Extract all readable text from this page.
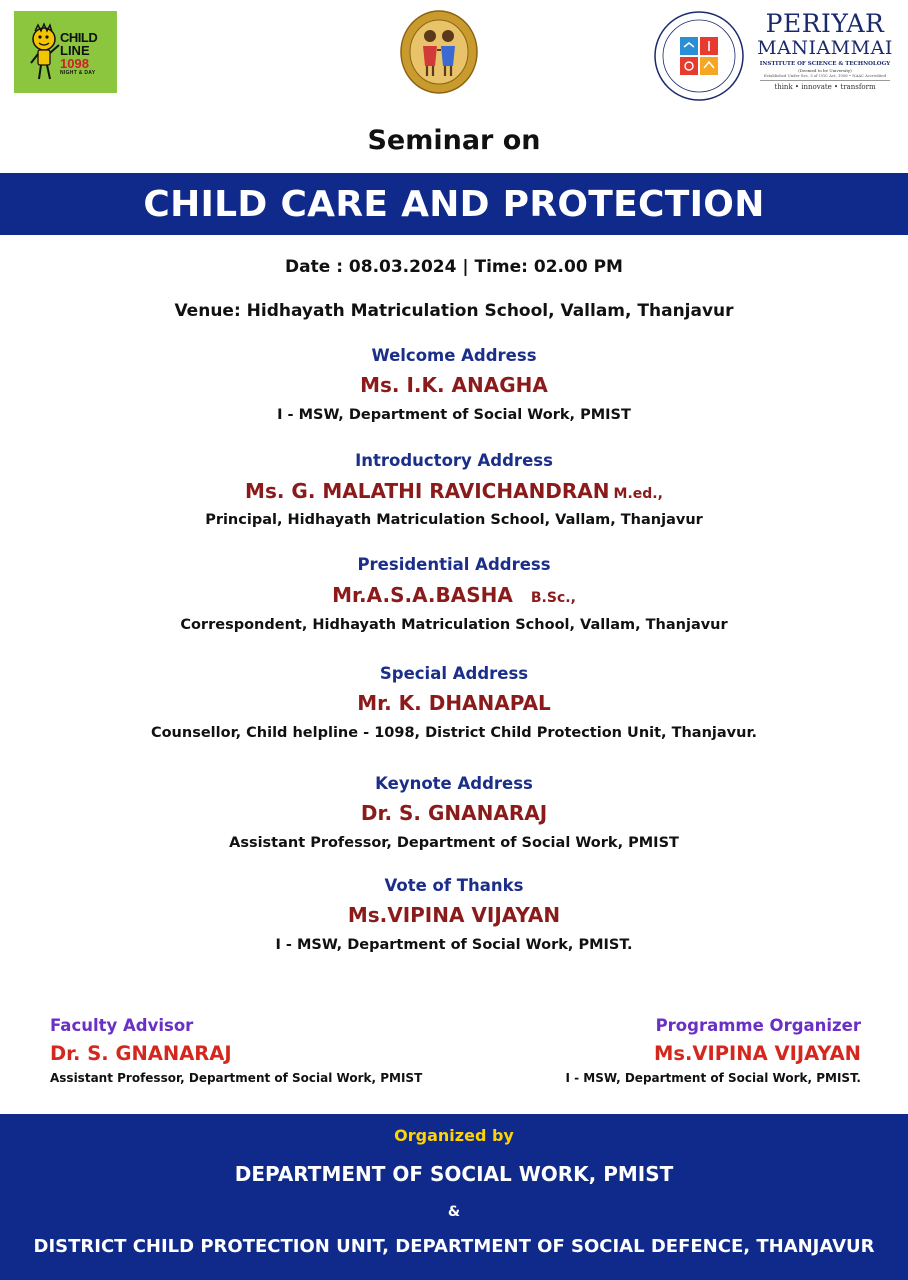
CHILD
LINE
1098
NIGHT & DAY
PERIYAR
MANIAMMAI
INSTITUTE OF SCIENCE & TECHNOLOGY
(Deemed to be University)
Established Under Sec. 3 of UGC Act, 1956 • NAAC Accredited
think • innovate • transform
Seminar on
CHILD CARE AND PROTECTION
Date : 08.03.2024 | Time: 02.00 PM
Venue: Hidhayath Matriculation School, Vallam, Thanjavur
Welcome Address
Ms. I.K. ANAGHA
I - MSW, Department of Social Work, PMIST
Introductory Address
Ms. G. MALATHI RAVICHANDRAN M.ed.,
Principal, Hidhayath Matriculation School, Vallam, Thanjavur
Presidential Address
Mr.A.S.A.BASHA B.Sc.,
Correspondent, Hidhayath Matriculation School, Vallam, Thanjavur
Special Address
Mr. K. DHANAPAL
Counsellor, Child helpline - 1098, District Child Protection Unit, Thanjavur.
Keynote Address
Dr. S. GNANARAJ
Assistant Professor, Department of Social Work, PMIST
Vote of Thanks
Ms.VIPINA VIJAYAN
I - MSW, Department of Social Work, PMIST.
Faculty Advisor
Dr. S. GNANARAJ
Assistant Professor, Department of Social Work, PMIST
Programme Organizer
Ms.VIPINA VIJAYAN
I - MSW, Department of Social Work, PMIST.
Organized by
DEPARTMENT OF SOCIAL WORK, PMIST
&
DISTRICT CHILD PROTECTION UNIT, DEPARTMENT OF SOCIAL DEFENCE, THANJAVUR
